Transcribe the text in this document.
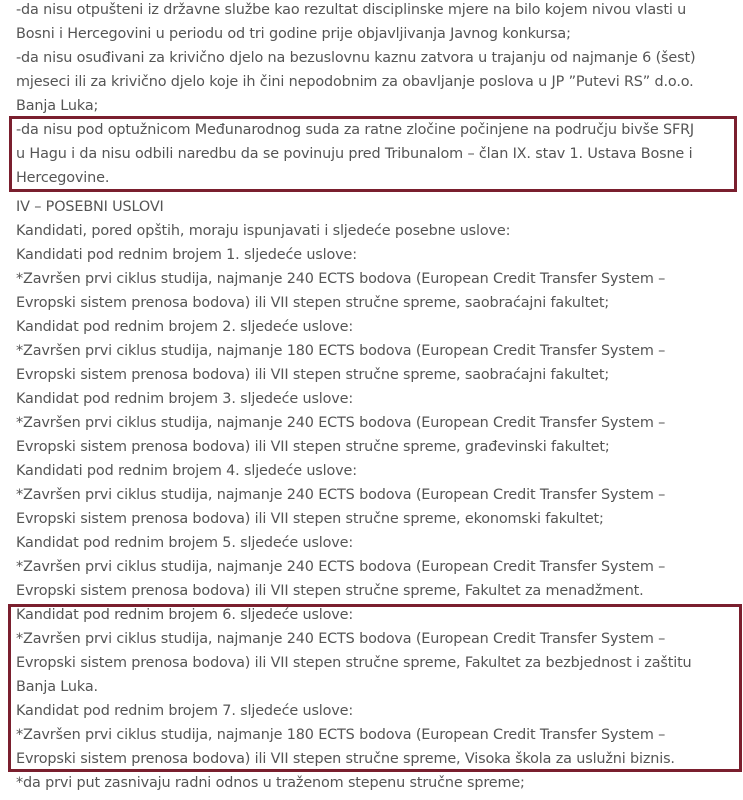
-da nisu otpušteni iz državne službe kao rezultat disciplinske mjere na bilo kojem nivou vlasti u
Bosni i Hercegovini u periodu od tri godine prije objavljivanja Javnog konkursa;
-da nisu osuđivani za krivično djelo na bezuslovnu kaznu zatvora u trajanju od najmanje 6 (šest)
mjeseci ili za krivično djelo koje ih čini nepodobnim za obavljanje poslova u JP ”Putevi RS” d.o.o.
Banja Luka;
-da nisu pod optužnicom Međunarodnog suda za ratne zločine počinjene na području bivše SFRJ
u Hagu i da nisu odbili naredbu da se povinuju pred Tribunalom – član IX. stav 1. Ustava Bosne i
Hercegovine.
IV – POSEBNI USLOVI
Kandidati, pored opštih, moraju ispunjavati i sljedeće posebne uslove:
Kandidati pod rednim brojem 1. sljedeće uslove:
*Završen prvi ciklus studija, najmanje 240 ECTS bodova (European Credit Transfer System –
Evropski sistem prenosa bodova) ili VII stepen stručne spreme, saobraćajni fakultet;
Kandidat pod rednim brojem 2. sljedeće uslove:
*Završen prvi ciklus studija, najmanje 180 ECTS bodova (European Credit Transfer System –
Evropski sistem prenosa bodova) ili VII stepen stručne spreme, saobraćajni fakultet;
Kandidat pod rednim brojem 3. sljedeće uslove:
*Završen prvi ciklus studija, najmanje 240 ECTS bodova (European Credit Transfer System –
Evropski sistem prenosa bodova) ili VII stepen stručne spreme, građevinski fakultet;
Kandidati pod rednim brojem 4. sljedeće uslove:
*Završen prvi ciklus studija, najmanje 240 ECTS bodova (European Credit Transfer System –
Evropski sistem prenosa bodova) ili VII stepen stručne spreme, ekonomski fakultet;
Kandidat pod rednim brojem 5. sljedeće uslove:
*Završen prvi ciklus studija, najmanje 240 ECTS bodova (European Credit Transfer System –
Evropski sistem prenosa bodova) ili VII stepen stručne spreme, Fakultet za menadžment.
Kandidat pod rednim brojem 6. sljedeće uslove:
*Završen prvi ciklus studija, najmanje 240 ECTS bodova (European Credit Transfer System –
Evropski sistem prenosa bodova) ili VII stepen stručne spreme, Fakultet za bezbjednost i zaštitu
Banja Luka.
Kandidat pod rednim brojem 7. sljedeće uslove:
*Završen prvi ciklus studija, najmanje 180 ECTS bodova (European Credit Transfer System –
Evropski sistem prenosa bodova) ili VII stepen stručne spreme, Visoka škola za uslužni biznis.
*da prvi put zasnivaju radni odnos u traženom stepenu stručne spreme;
